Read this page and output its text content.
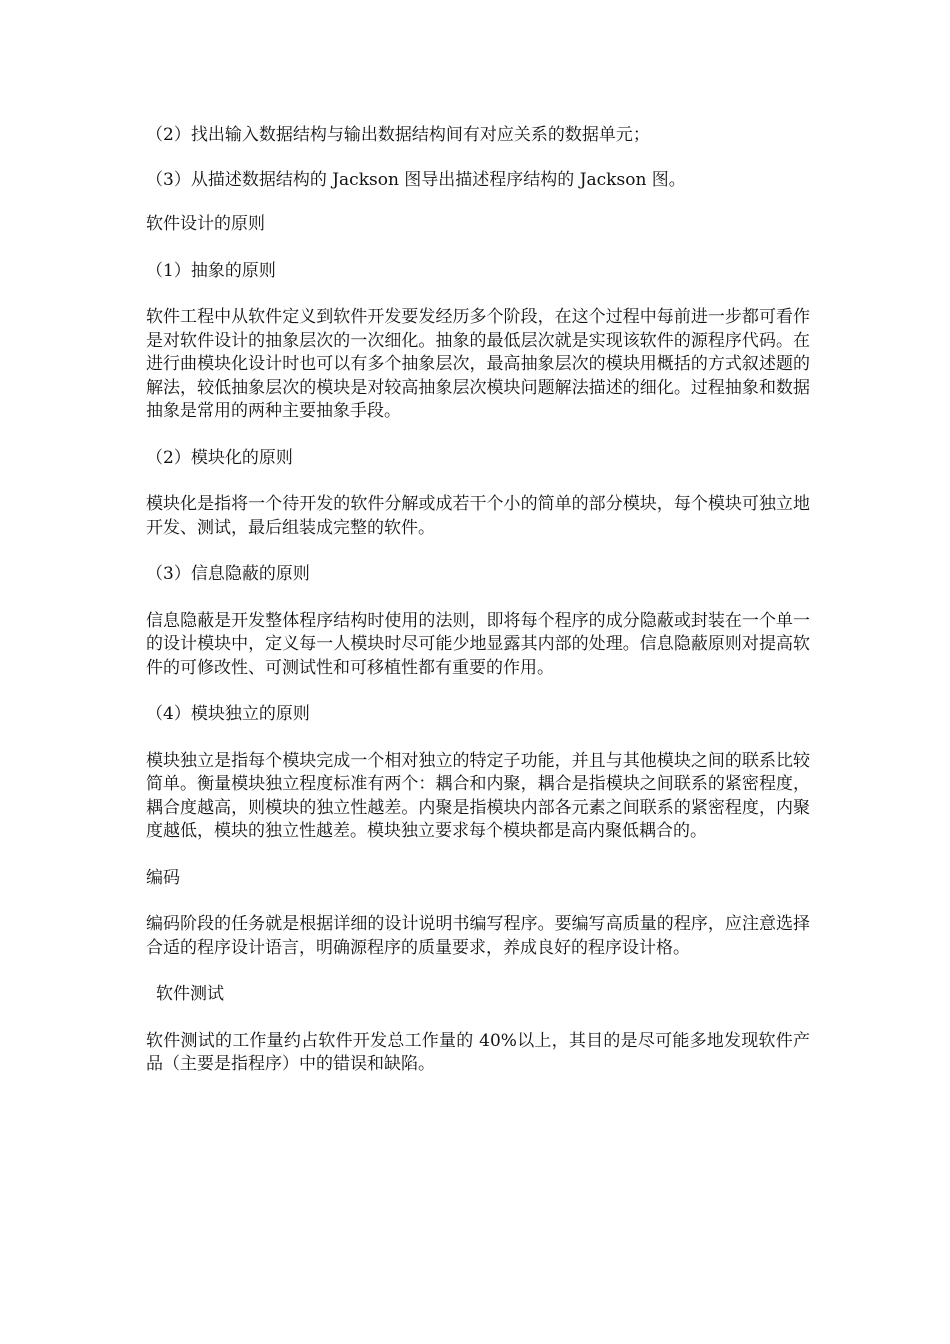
（2）找出输入数据结构与输出数据结构间有对应关系的数据单元；

（3）从描述数据结构的 Jackson 图导出描述程序结构的 Jackson 图。

软件设计的原则

（1）抽象的原则

软件工程中从软件定义到软件开发要发经历多个阶段，在这个过程中每前进一步都可看作是对软件设计的抽象层次的一次细化。抽象的最低层次就是实现该软件的源程序代码。在进行曲模块化设计时也可以有多个抽象层次，最高抽象层次的模块用概括的方式叙述题的解法，较低抽象层次的模块是对较高抽象层次模块问题解法描述的细化。过程抽象和数据抽象是常用的两种主要抽象手段。

（2）模块化的原则

模块化是指将一个待开发的软件分解或成若干个小的简单的部分模块，每个模块可独立地开发、测试，最后组装成完整的软件。

（3）信息隐蔽的原则

信息隐蔽是开发整体程序结构时使用的法则，即将每个程序的成分隐蔽或封装在一个单一的设计模块中，定义每一人模块时尽可能少地显露其内部的处理。信息隐蔽原则对提高软件的可修改性、可测试性和可移植性都有重要的作用。

（4）模块独立的原则

模块独立是指每个模块完成一个相对独立的特定子功能，并且与其他模块之间的联系比较简单。衡量模块独立程度标准有两个：耦合和内聚，耦合是指模块之间联系的紧密程度，耦合度越高，则模块的独立性越差。内聚是指模块内部各元素之间联系的紧密程度，内聚度越低，模块的独立性越差。模块独立要求每个模块都是高内聚低耦合的。

编码

编码阶段的任务就是根据详细的设计说明书编写程序。要编写高质量的程序，应注意选择合适的程序设计语言，明确源程序的质量要求，养成良好的程序设计格。

软件测试

软件测试的工作量约占软件开发总工作量的 40%以上，其目的是尽可能多地发现软件产品（主要是指程序）中的错误和缺陷。
